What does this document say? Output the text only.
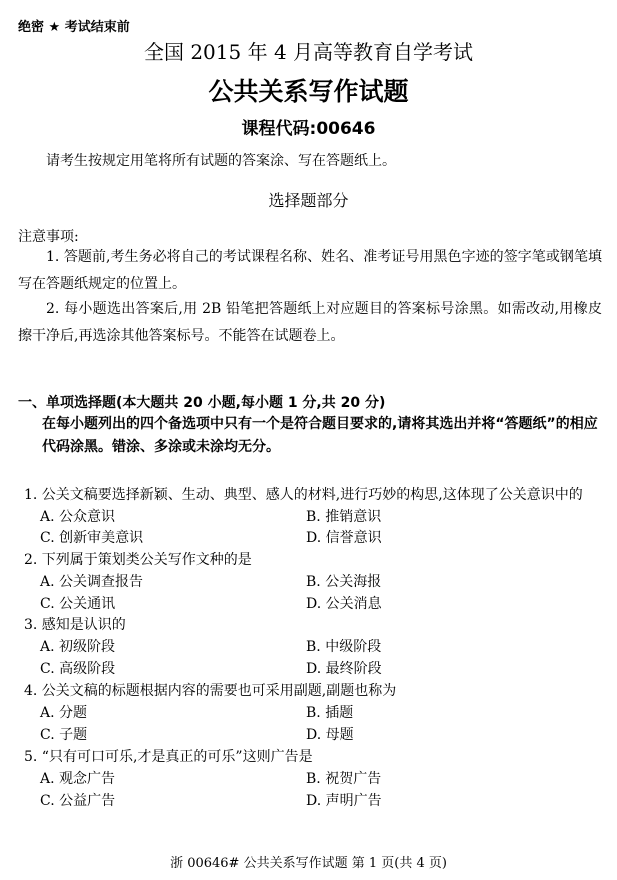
绝密 ★ 考试结束前
全国 2015 年 4 月高等教育自学考试
公共关系写作试题
课程代码:00646
请考生按规定用笔将所有试题的答案涂、写在答题纸上。
选择题部分
注意事项:
1. 答题前,考生务必将自己的考试课程名称、姓名、准考证号用黑色字迹的签字笔或钢笔填写在答题纸规定的位置上。
2. 每小题选出答案后,用 2B 铅笔把答题纸上对应题目的答案标号涂黑。如需改动,用橡皮擦干净后,再选涂其他答案标号。不能答在试题卷上。
一、单项选择题(本大题共 20 小题,每小题 1 分,共 20 分)
在每小题列出的四个备选项中只有一个是符合题目要求的,请将其选出并将“答题纸”的相应代码涂黑。错涂、多涂或未涂均无分。
1. 公关文稿要选择新颖、生动、典型、感人的材料,进行巧妙的构思,这体现了公关意识中的
A. 公众意识	B. 推销意识
C. 创新审美意识	D. 信誉意识
2. 下列属于策划类公关写作文种的是
A. 公关调查报告	B. 公关海报
C. 公关通讯	D. 公关消息
3. 感知是认识的
A. 初级阶段	B. 中级阶段
C. 高级阶段	D. 最终阶段
4. 公关文稿的标题根据内容的需要也可采用副题,副题也称为
A. 分题	B. 插题
C. 子题	D. 母题
5. “只有可口可乐,才是真正的可乐”这则广告是
A. 观念广告	B. 祝贺广告
C. 公益广告	D. 声明广告
浙 00646# 公共关系写作试题 第 1 页(共 4 页)
